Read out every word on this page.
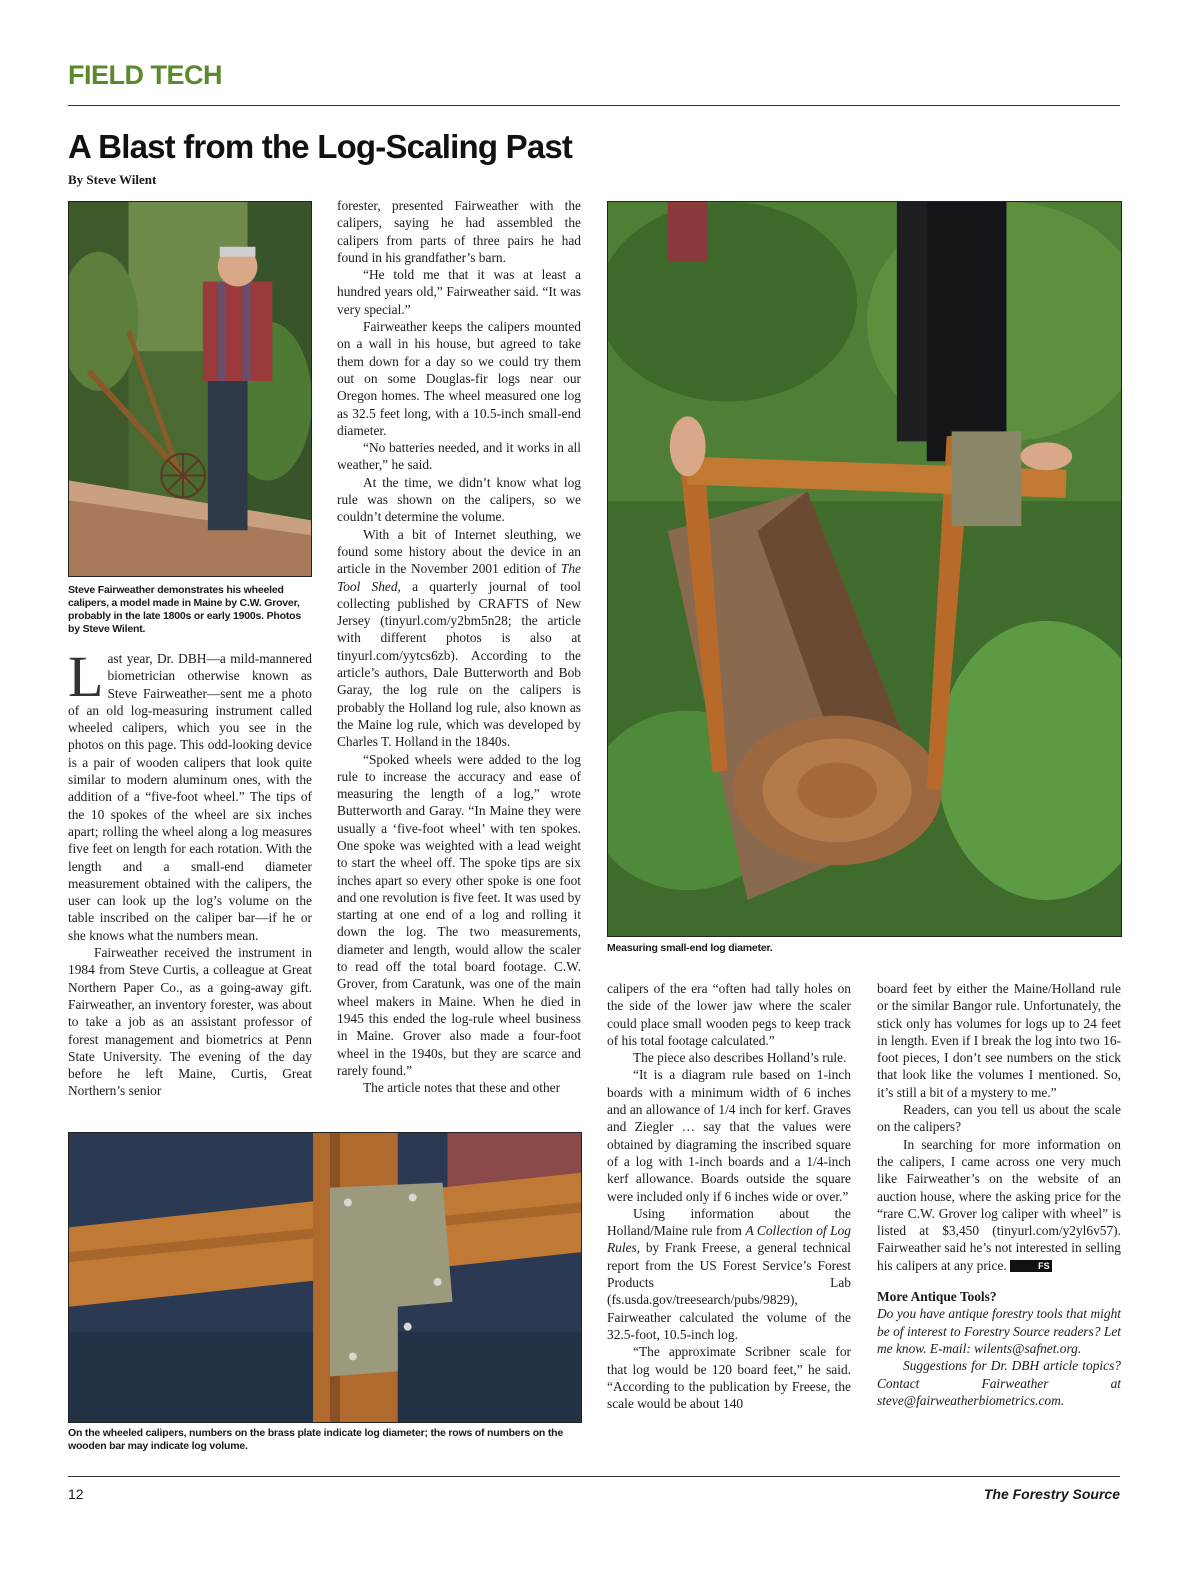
FIELD TECH
A Blast from the Log-Scaling Past
By Steve Wilent
Steve Fairweather demonstrates his wheeled calipers, a model made in Maine by C.W. Grover, probably in the late 1800s or early 1900s. Photos by Steve Wilent.

Last year, Dr. DBH—a mild-mannered biometrician otherwise known as Steve Fairweather—sent me a photo of an old log-measuring instrument called wheeled calipers, which you see in the photos on this page. This odd-looking device is a pair of wooden calipers that look quite similar to modern aluminum ones, with the addition of a “five-foot wheel.” The tips of the 10 spokes of the wheel are six inches apart; rolling the wheel along a log measures five feet on length for each rotation. With the length and a small-end diameter measurement obtained with the calipers, the user can look up the log’s volume on the table inscribed on the caliper bar—if he or she knows what the numbers mean.

Fairweather received the instrument in 1984 from Steve Curtis, a colleague at Great Northern Paper Co., as a going-away gift. Fairweather, an inventory forester, was about to take a job as an assistant professor of forest management and biometrics at Penn State University. The evening of the day before he left Maine, Curtis, Great Northern’s senior

forester, presented Fairweather with the calipers, saying he had assembled the calipers from parts of three pairs he had found in his grandfather’s barn.

“He told me that it was at least a hundred years old,” Fairweather said. “It was very special.”

Fairweather keeps the calipers mounted on a wall in his house, but agreed to take them down for a day so we could try them out on some Douglas-fir logs near our Oregon homes. The wheel measured one log as 32.5 feet long, with a 10.5-inch small-end diameter.

“No batteries needed, and it works in all weather,” he said.

At the time, we didn’t know what log rule was shown on the calipers, so we couldn’t determine the volume.

With a bit of Internet sleuthing, we found some history about the device in an article in the November 2001 edition of The Tool Shed, a quarterly journal of tool collecting published by CRAFTS of New Jersey (tinyurl.com/y2bm5n28; the article with different photos is also at tinyurl.com/yytcs6zb). According to the article’s authors, Dale Butterworth and Bob Garay, the log rule on the calipers is probably the Holland log rule, also known as the Maine log rule, which was developed by Charles T. Holland in the 1840s.

“Spoked wheels were added to the log rule to increase the accuracy and ease of measuring the length of a log,” wrote Butterworth and Garay. “In Maine they were usually a ‘five-foot wheel’ with ten spokes. One spoke was weighted with a lead weight to start the wheel off. The spoke tips are six inches apart so every other spoke is one foot and one revolution is five feet. It was used by starting at one end of a log and rolling it down the log. The two measurements, diameter and length, would allow the scaler to read off the total board footage. C.W. Grover, from Caratunk, was one of the main wheel makers in Maine. When he died in 1945 this ended the log-rule wheel business in Maine. Grover also made a four-foot wheel in the 1940s, but they are scarce and rarely found.”

The article notes that these and other

Measuring small-end log diameter.

calipers of the era “often had tally holes on the side of the lower jaw where the scaler could place small wooden pegs to keep track of his total footage calculated.”

The piece also describes Holland’s rule.

“It is a diagram rule based on 1-inch boards with a minimum width of 6 inches and an allowance of 1/4 inch for kerf. Graves and Ziegler … say that the values were obtained by diagraming the inscribed square of a log with 1-inch boards and a 1/4-inch kerf allowance. Boards outside the square were included only if 6 inches wide or over.”

Using information about the Holland/Maine rule from A Collection of Log Rules, by Frank Freese, a general technical report from the US Forest Service’s Forest Products Lab (fs.usda.gov/treesearch/pubs/9829), Fairweather calculated the volume of the 32.5-foot, 10.5-inch log.

“The approximate Scribner scale for that log would be 120 board feet,” he said. “According to the publication by Freese, the scale would be about 140

board feet by either the Maine/Holland rule or the similar Bangor rule. Unfortunately, the stick only has volumes for logs up to 24 feet in length. Even if I break the log into two 16-foot pieces, I don’t see numbers on the stick that look like the volumes I mentioned. So, it’s still a bit of a mystery to me.”

Readers, can you tell us about the scale on the calipers?

In searching for more information on the calipers, I came across one very much like Fairweather’s on the website of an auction house, where the asking price for the “rare C.W. Grover log caliper with wheel” is listed at $3,450 (tinyurl.com/y2yl6v57). Fairweather said he’s not interested in selling his calipers at any price.	FS

More Antique Tools?

Do you have antique forestry tools that might be of interest to Forestry Source readers? Let me know. E-mail: wilents@safnet.org.

Suggestions for Dr. DBH article topics? Contact Fairweather at steve@fairweatherbiometrics.com.

On the wheeled calipers, numbers on the brass plate indicate log diameter; the rows of numbers on the wooden bar may indicate log volume.
12	The Forestry Source
